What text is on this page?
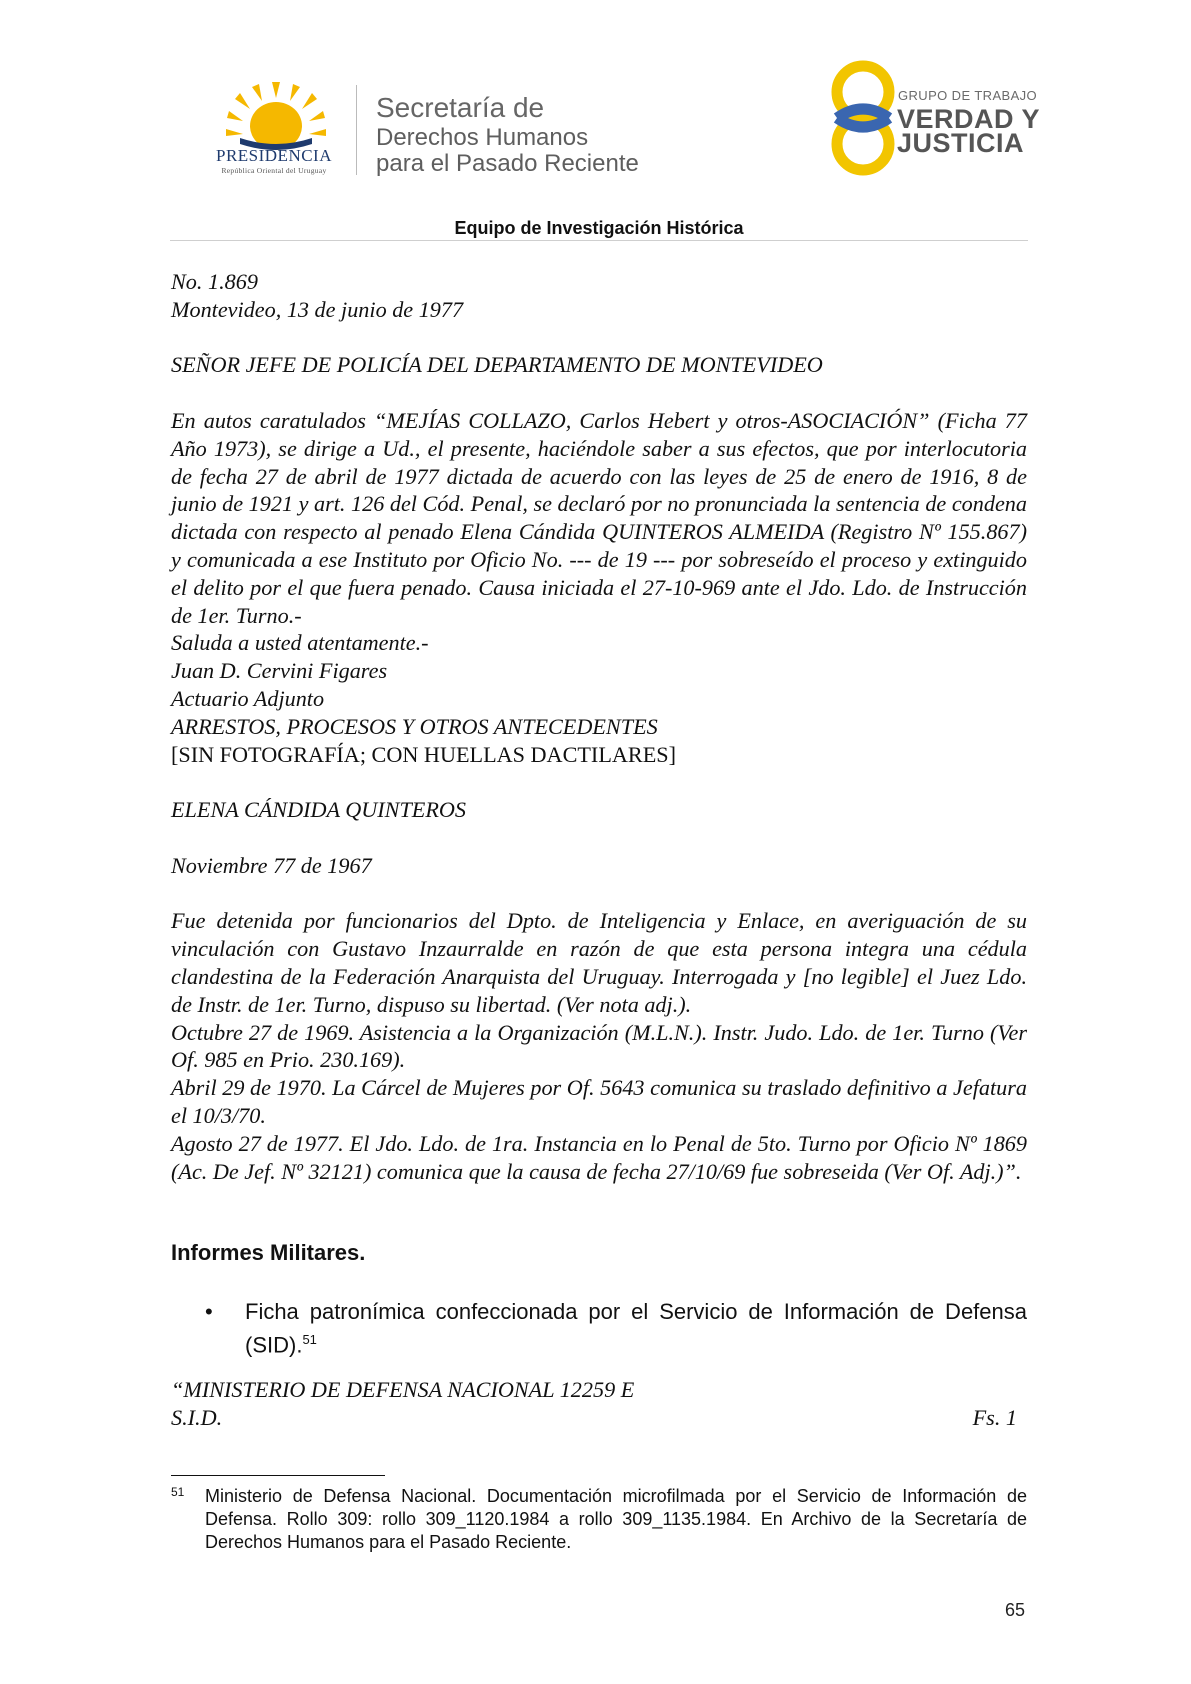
PRESIDENCIA
República Oriental del Uruguay
Secretaría de
Derechos Humanos
para el Pasado Reciente
GRUPO DE TRABAJO
VERDAD Y
JUSTICIA
Equipo de Investigación Histórica

No. 1.869

Montevideo, 13 de junio de 1977

SEÑOR JEFE DE POLICÍA DEL DEPARTAMENTO DE MONTEVIDEO

En autos caratulados “MEJÍAS COLLAZO, Carlos Hebert y otros-ASOCIACIÓN” (Ficha 77 Año 1973), se dirige a Ud., el presente, haciéndole saber a sus efectos, que por interlocutoria de fecha 27 de abril de 1977 dictada de acuerdo con las leyes de 25 de enero de 1916, 8 de junio de 1921 y art. 126 del Cód. Penal, se declaró por no pronunciada la sentencia de condena dictada con respecto al penado Elena Cándida QUINTEROS ALMEIDA (Registro Nº 155.867) y comunicada a ese Instituto por Oficio No. --- de 19 --- por sobreseído el proceso y extinguido el delito por el que fuera penado. Causa iniciada el 27-10-969 ante el Jdo. Ldo. de Instrucción de 1er. Turno.-

Saluda a usted atentamente.-

Juan D. Cervini Figares

Actuario Adjunto

ARRESTOS, PROCESOS Y OTROS ANTECEDENTES

[SIN FOTOGRAFÍA; CON HUELLAS DACTILARES]

ELENA CÁNDIDA QUINTEROS

Noviembre 77 de 1967

Fue detenida por funcionarios del Dpto. de Inteligencia y Enlace, en averiguación de su vinculación con Gustavo Inzaurralde en razón de que esta persona integra una cédula clandestina de la Federación Anarquista del Uruguay. Interrogada y [no legible] el Juez Ldo. de Instr. de 1er. Turno, dispuso su libertad. (Ver nota adj.).

Octubre 27 de 1969. Asistencia a la Organización (M.L.N.). Instr. Judo. Ldo. de 1er. Turno (Ver Of. 985 en Prio. 230.169).

Abril 29 de 1970. La Cárcel de Mujeres por Of. 5643 comunica su traslado definitivo a Jefatura el 10/3/70.

Agosto 27 de 1977. El Jdo. Ldo. de 1ra. Instancia en lo Penal de 5to. Turno por Oficio Nº 1869 (Ac. De Jef. Nº 32121) comunica que la causa de fecha 27/10/69 fue sobreseida (Ver Of. Adj.)”.

Informes Militares.
• Ficha patronímica confeccionada por el Servicio de Información de Defensa (SID).$^{51}$
“MINISTERIO DE DEFENSA NACIONAL 12259 E
S.I.D.	Fs. 1
51 Ministerio de Defensa Nacional. Documentación microfilmada por el Servicio de Información de Defensa. Rollo 309: rollo 309_1120.1984 a rollo 309_1135.1984. En Archivo de la Secretaría de Derechos Humanos para el Pasado Reciente.
65
